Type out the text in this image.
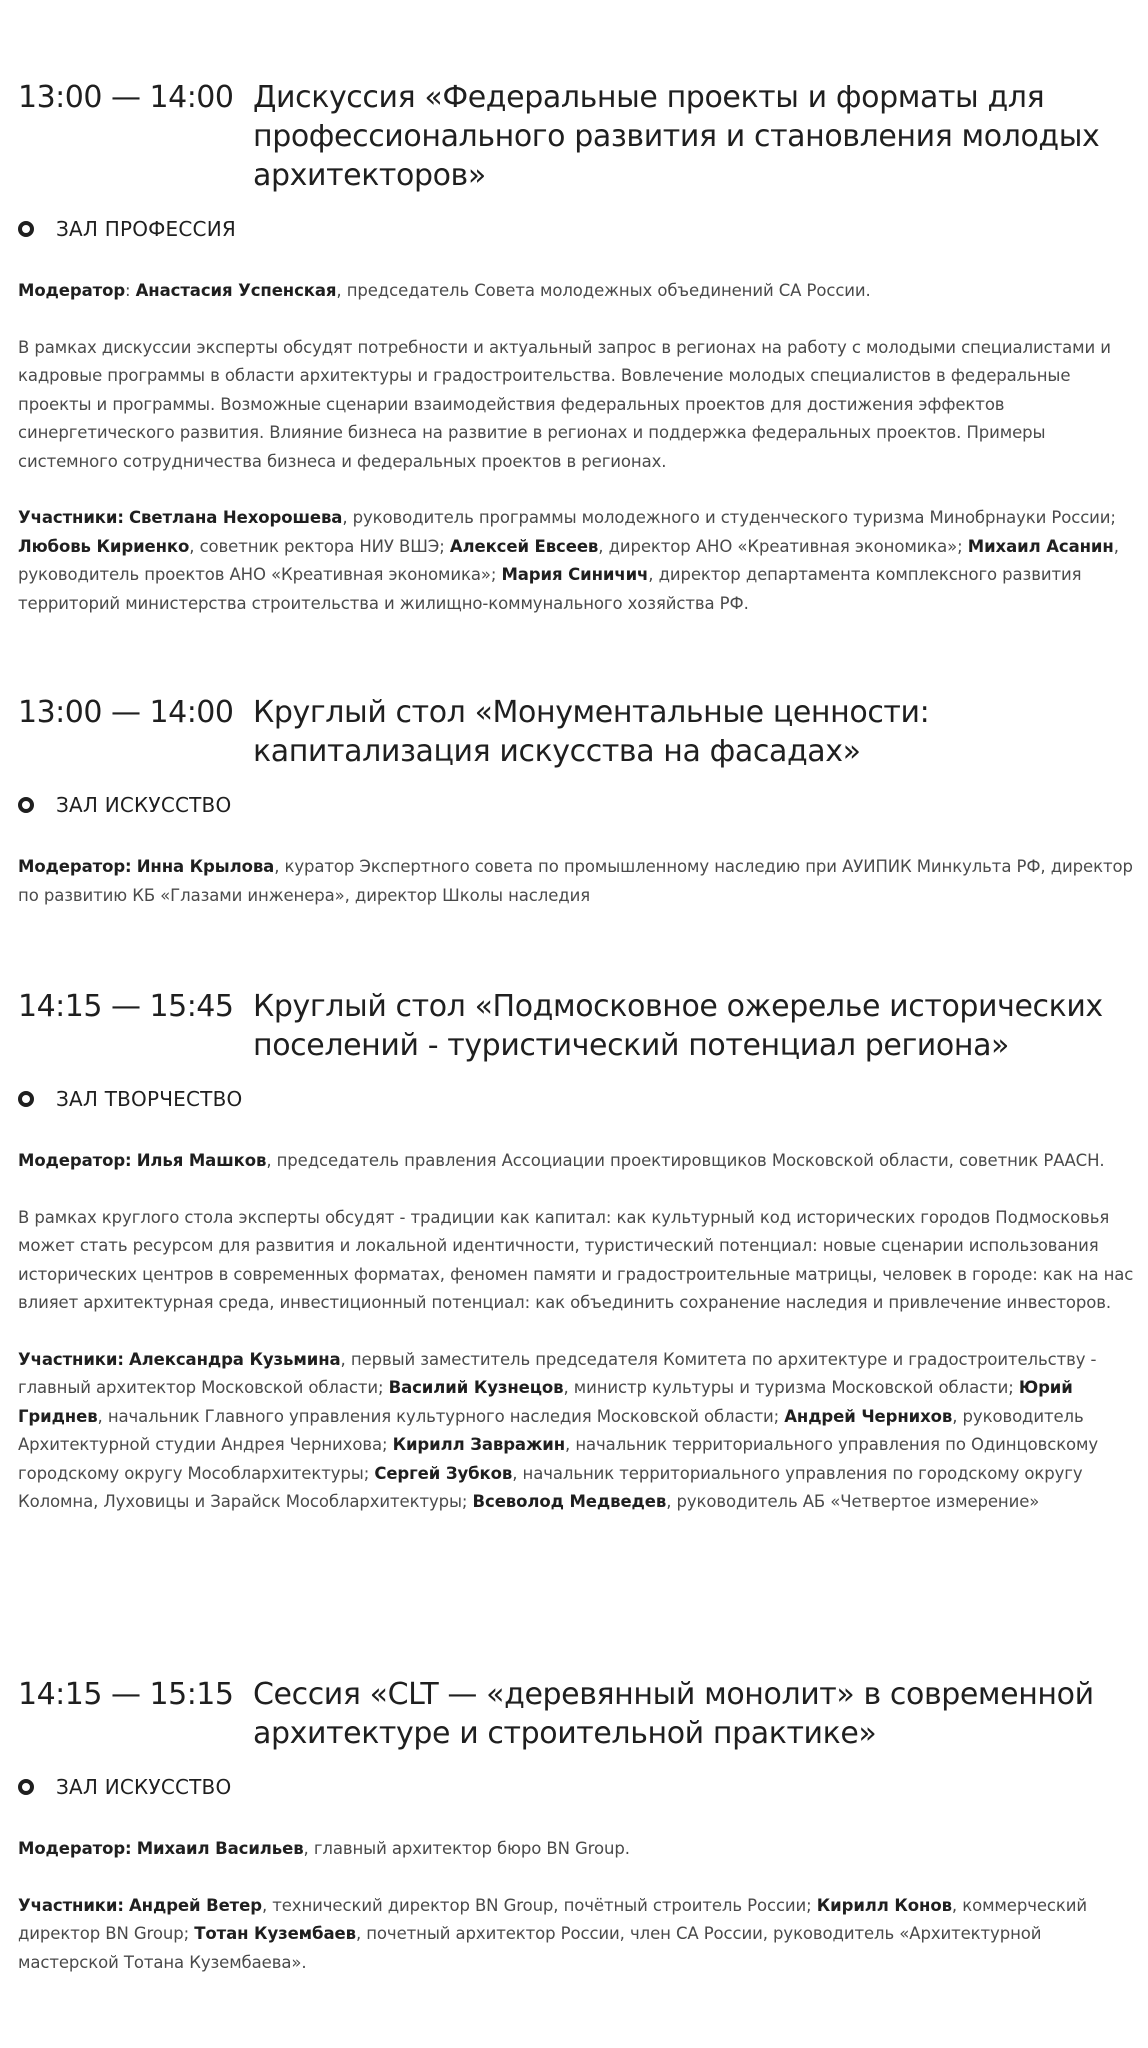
13:00 — 14:00 Дискуссия «Федеральные проекты и форматы для профессионального развития и становления молодых архитекторов»
ЗАЛ ПРОФЕССИЯ

Модератор: Анастасия Успенская, председатель Совета молодежных объединений СА России.

В рамках дискуссии эксперты обсудят потребности и актуальный запрос в регионах на работу с молодыми специалистами и кадровые программы в области архитектуры и градостроительства. Вовлечение молодых специалистов в федеральные проекты и программы. Возможные сценарии взаимодействия федеральных проектов для достижения эффектов синергетического развития. Влияние бизнеса на развитие в регионах и поддержка федеральных проектов. Примеры системного сотрудничества бизнеса и федеральных проектов в регионах.

Участники: Светлана Нехорошева, руководитель программы молодежного и студенческого туризма Минобрнауки России; Любовь Кириенко, советник ректора НИУ ВШЭ; Алексей Евсеев, директор АНО «Креативная экономика»; Михаил Асанин, руководитель проектов АНО «Креативная экономика»; Мария Синичич, директор департамента комплексного развития территорий министерства строительства и жилищно-коммунального хозяйства РФ.

13:00 — 14:00 Круглый стол «Монументальные ценности: капитализация искусства на фасадах»
ЗАЛ ИСКУССТВО

Модератор: Инна Крылова, куратор Экспертного совета по промышленному наследию при АУИПИК Минкульта РФ, директор по развитию КБ «Глазами инженера», директор Школы наследия

14:15 — 15:45 Круглый стол «Подмосковное ожерелье исторических поселений - туристический потенциал региона»
ЗАЛ ТВОРЧЕСТВО

Модератор: Илья Машков, председатель правления Ассоциации проектировщиков Московской области, советник РААСН.

В рамках круглого стола эксперты обсудят - традиции как капитал: как культурный код исторических городов Подмосковья может стать ресурсом для развития и локальной идентичности, туристический потенциал: новые сценарии использования исторических центров в современных форматах, феномен памяти и градостроительные матрицы, человек в городе: как на нас влияет архитектурная среда, инвестиционный потенциал: как объединить сохранение наследия и привлечение инвесторов.

Участники: Александра Кузьмина, первый заместитель председателя Комитета по архитектуре и градостроительству - главный архитектор Московской области; Василий Кузнецов, министр культуры и туризма Московской области; Юрий Гриднев, начальник Главного управления культурного наследия Московской области; Андрей Чернихов, руководитель Архитектурной студии Андрея Чернихова; Кирилл Завражин, начальник территориального управления по Одинцовскому городскому округу Мособлархитектуры; Сергей Зубков, начальник территориального управления по городскому округу Коломна, Луховицы и Зарайск Мособлархитектуры; Всеволод Медведев, руководитель АБ «Четвертое измерение»

14:15 — 15:15 Сессия «CLT — «деревянный монолит» в современной архитектуре и строительной практике»
ЗАЛ ИСКУССТВО

Модератор: Михаил Васильев, главный архитектор бюро BN Group.

Участники: Андрей Ветер, технический директор BN Group, почётный строитель России; Кирилл Конов, коммерческий директор BN Group; Тотан Кузембаев, почетный архитектор России, член СА России, руководитель «Архитектурной мастерской Тотана Кузембаева».
